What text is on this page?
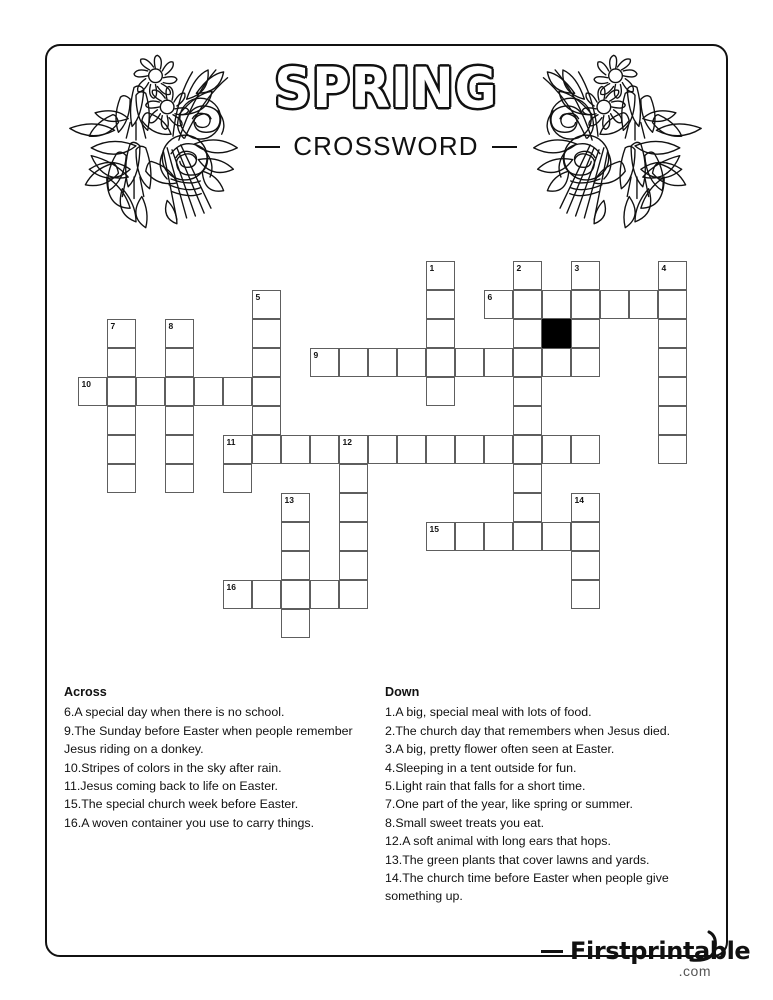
SPRING
CROSSWORD
1	2	3	4
5	6
7	8
9
10
11	12
13	14
15
16
Across

6.A special day when there is no school.

9.The Sunday before Easter when people remember Jesus riding on a donkey.

10.Stripes of colors in the sky after rain.

11.Jesus coming back to life on Easter.

15.The special church week before Easter.

16.A woven container you use to carry things.

Down

1.A big, special meal with lots of food.

2.The church day that remembers when Jesus died.

3.A big, pretty flower often seen at Easter.

4.Sleeping in a tent outside for fun.

5.Light rain that falls for a short time.

7.One part of the year, like spring or summer.

8.Small sweet treats you eat.

12.A soft animal with long ears that hops.

13.The green plants that cover lawns and yards.

14.The church time before Easter when people give something up.

Firstprintable
.com
